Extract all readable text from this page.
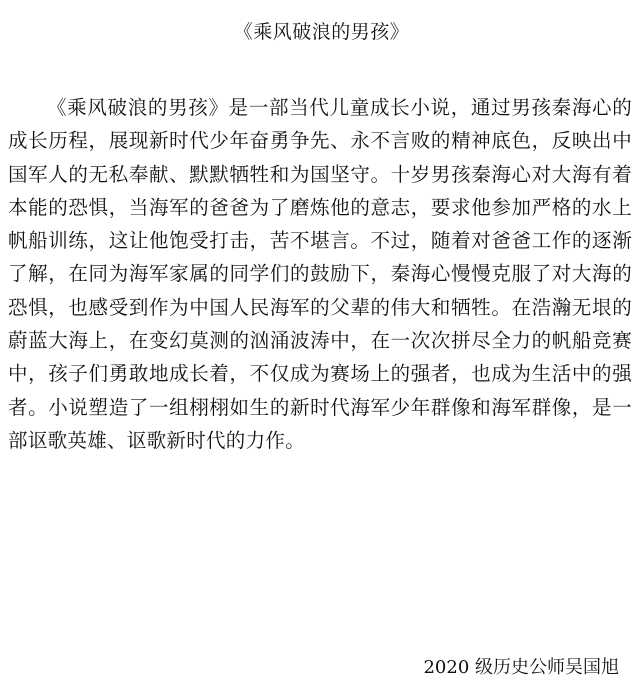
《乘风破浪的男孩》

《乘风破浪的男孩》是一部当代儿童成长小说，通过男孩秦海心的成长历程，展现新时代少年奋勇争先、永不言败的精神底色，反映出中国军人的无私奉献、默默牺牲和为国坚守。十岁男孩秦海心对大海有着本能的恐惧，当海军的爸爸为了磨炼他的意志，要求他参加严格的水上帆船训练，这让他饱受打击，苦不堪言。不过，随着对爸爸工作的逐渐了解，在同为海军家属的同学们的鼓励下，秦海心慢慢克服了对大海的恐惧，也感受到作为中国人民海军的父辈的伟大和牺牲。在浩瀚无垠的蔚蓝大海上，在变幻莫测的汹涌波涛中，在一次次拼尽全力的帆船竞赛中，孩子们勇敢地成长着，不仅成为赛场上的强者，也成为生活中的强者。小说塑造了一组栩栩如生的新时代海军少年群像和海军群像，是一部讴歌英雄、讴歌新时代的力作。

2020 级历史公师吴国旭
